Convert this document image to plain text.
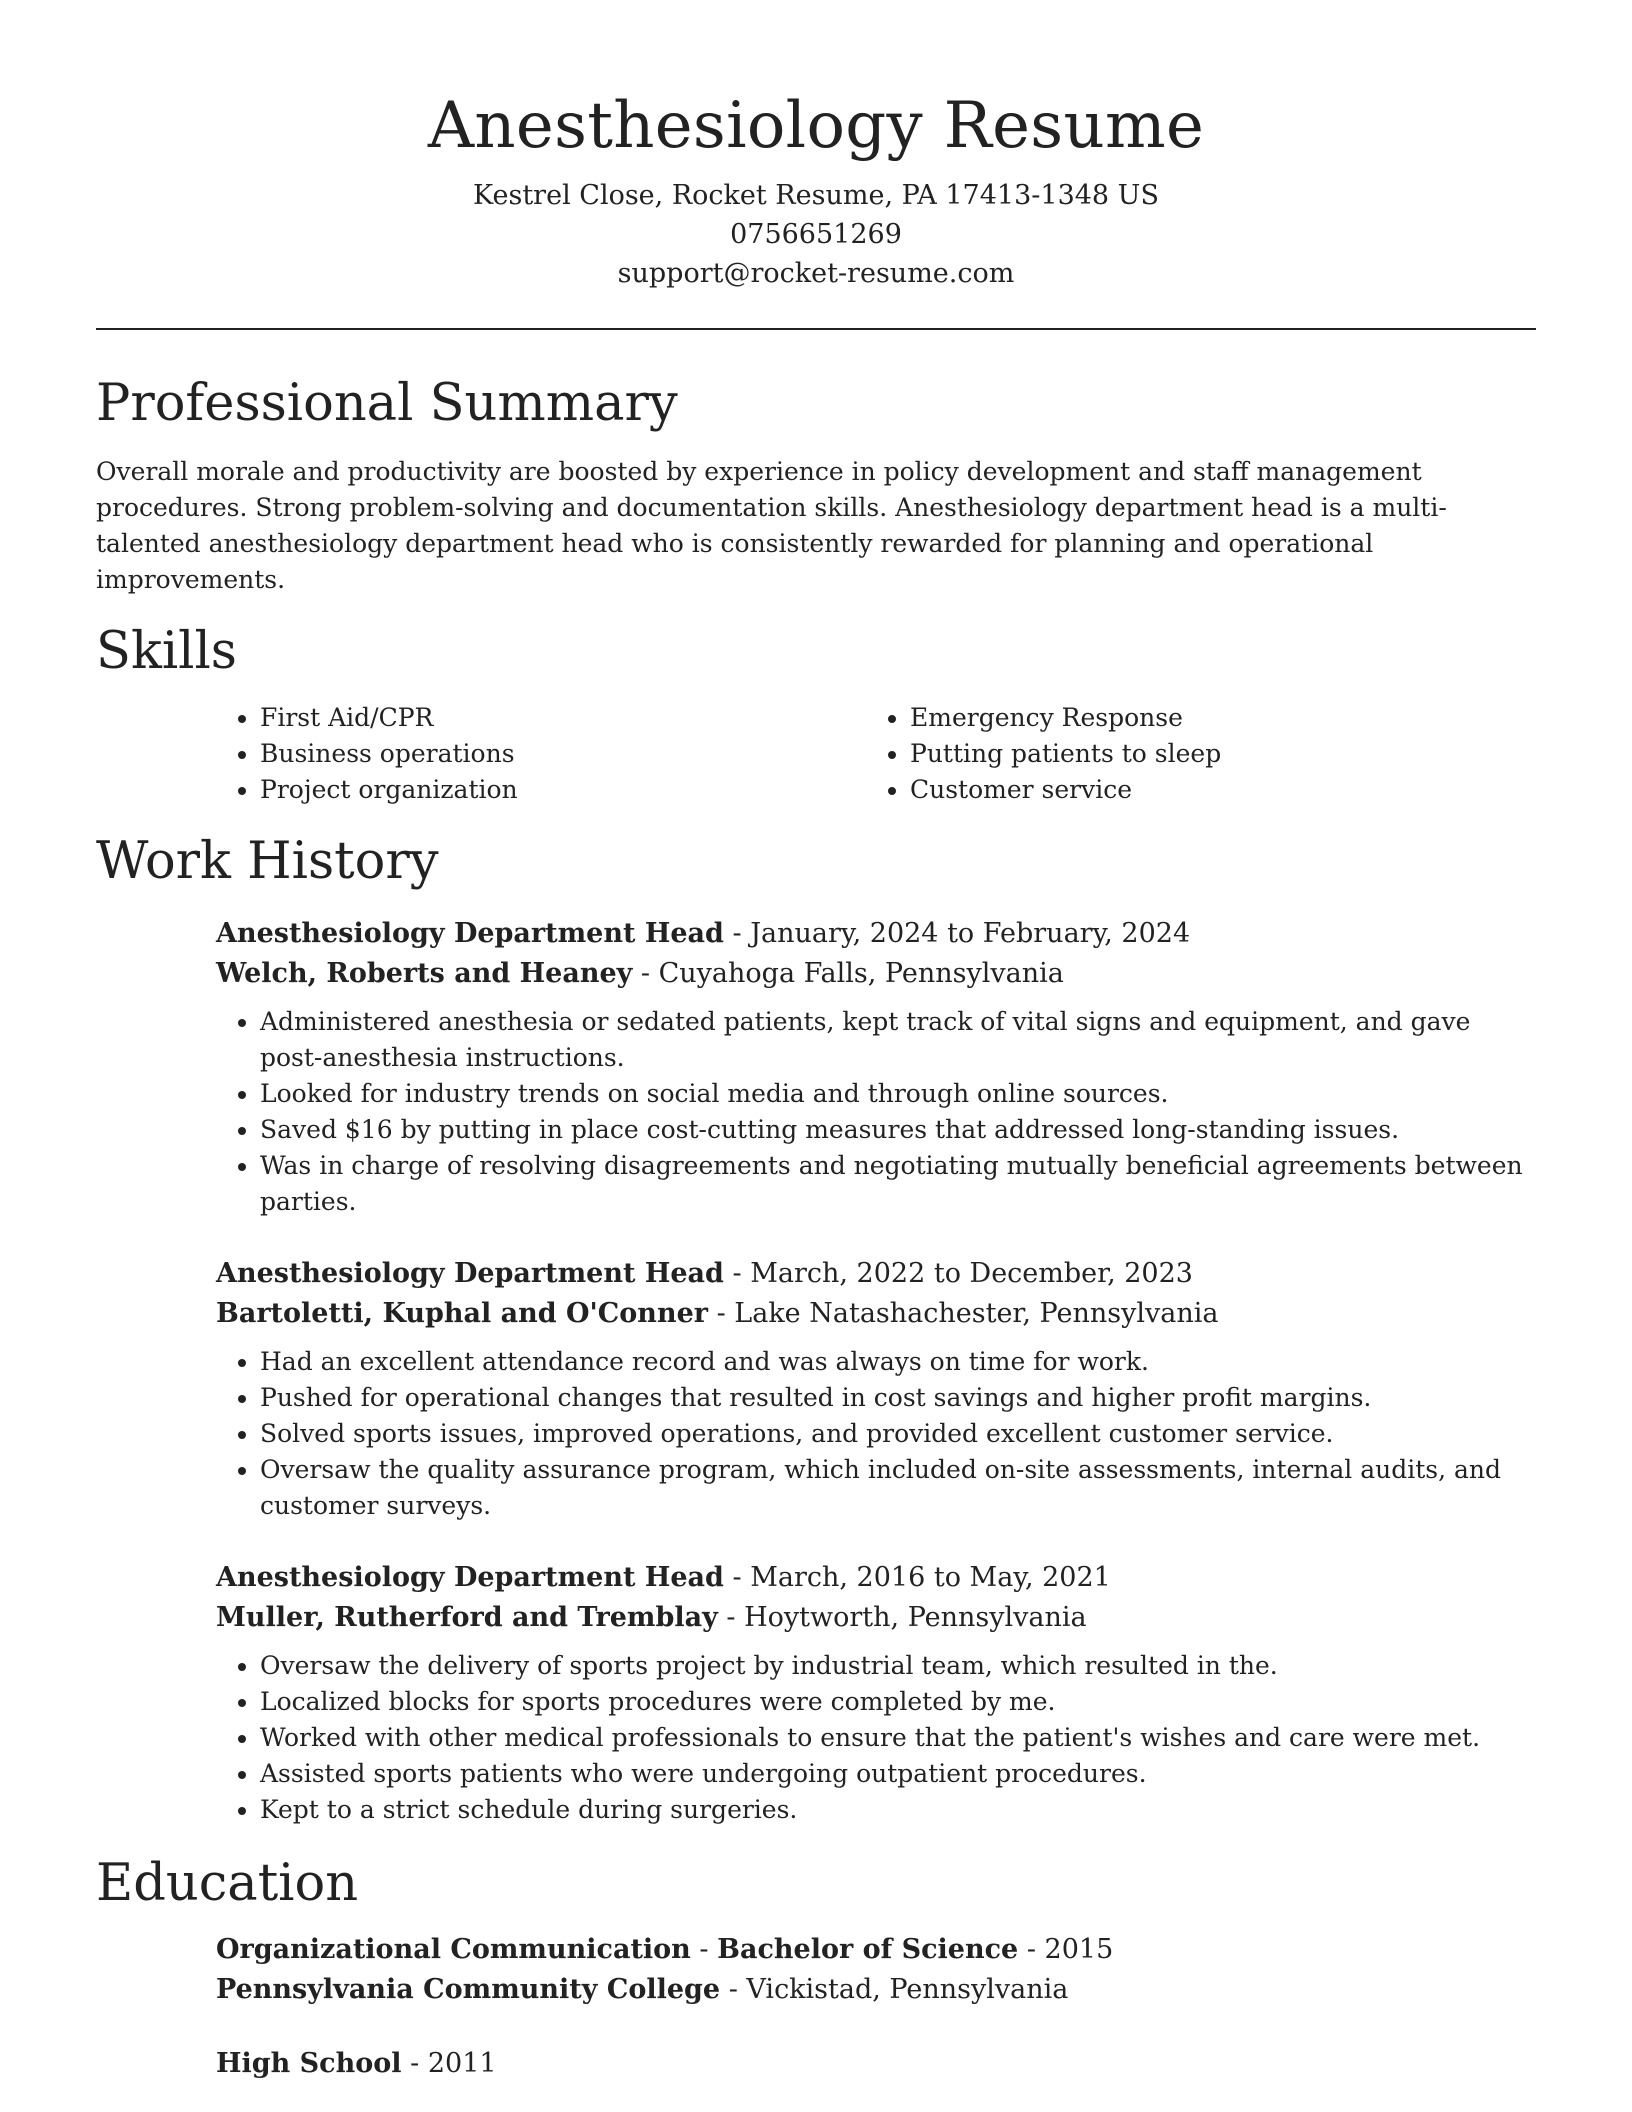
Anesthesiology Resume
Kestrel Close, Rocket Resume, PA 17413-1348 US
0756651269
support@rocket-resume.com
Professional Summary

Overall morale and productivity are boosted by experience in policy development and staff management procedures. Strong problem-solving and documentation skills. Anesthesiology department head is a multi-talented anesthesiology department head who is consistently rewarded for planning and operational improvements.

Skills
• First Aid/CPR
• Business operations
• Project organization
• Emergency Response
• Putting patients to sleep
• Customer service
Work History
Anesthesiology Department Head - January, 2024 to February, 2024
Welch, Roberts and Heaney - Cuyahoga Falls, Pennsylvania
• Administered anesthesia or sedated patients, kept track of vital signs and equipment, and gave post-anesthesia instructions.
• Looked for industry trends on social media and through online sources.
• Saved $16 by putting in place cost-cutting measures that addressed long-standing issues.
• Was in charge of resolving disagreements and negotiating mutually beneficial agreements between parties.
Anesthesiology Department Head - March, 2022 to December, 2023
Bartoletti, Kuphal and O'Conner - Lake Natashachester, Pennsylvania
• Had an excellent attendance record and was always on time for work.
• Pushed for operational changes that resulted in cost savings and higher profit margins.
• Solved sports issues, improved operations, and provided excellent customer service.
• Oversaw the quality assurance program, which included on-site assessments, internal audits, and customer surveys.
Anesthesiology Department Head - March, 2016 to May, 2021
Muller, Rutherford and Tremblay - Hoytworth, Pennsylvania
• Oversaw the delivery of sports project by industrial team, which resulted in the.
• Localized blocks for sports procedures were completed by me.
• Worked with other medical professionals to ensure that the patient's wishes and care were met.
• Assisted sports patients who were undergoing outpatient procedures.
• Kept to a strict schedule during surgeries.
Education
Organizational Communication - Bachelor of Science - 2015
Pennsylvania Community College - Vickistad, Pennsylvania
High School - 2011
